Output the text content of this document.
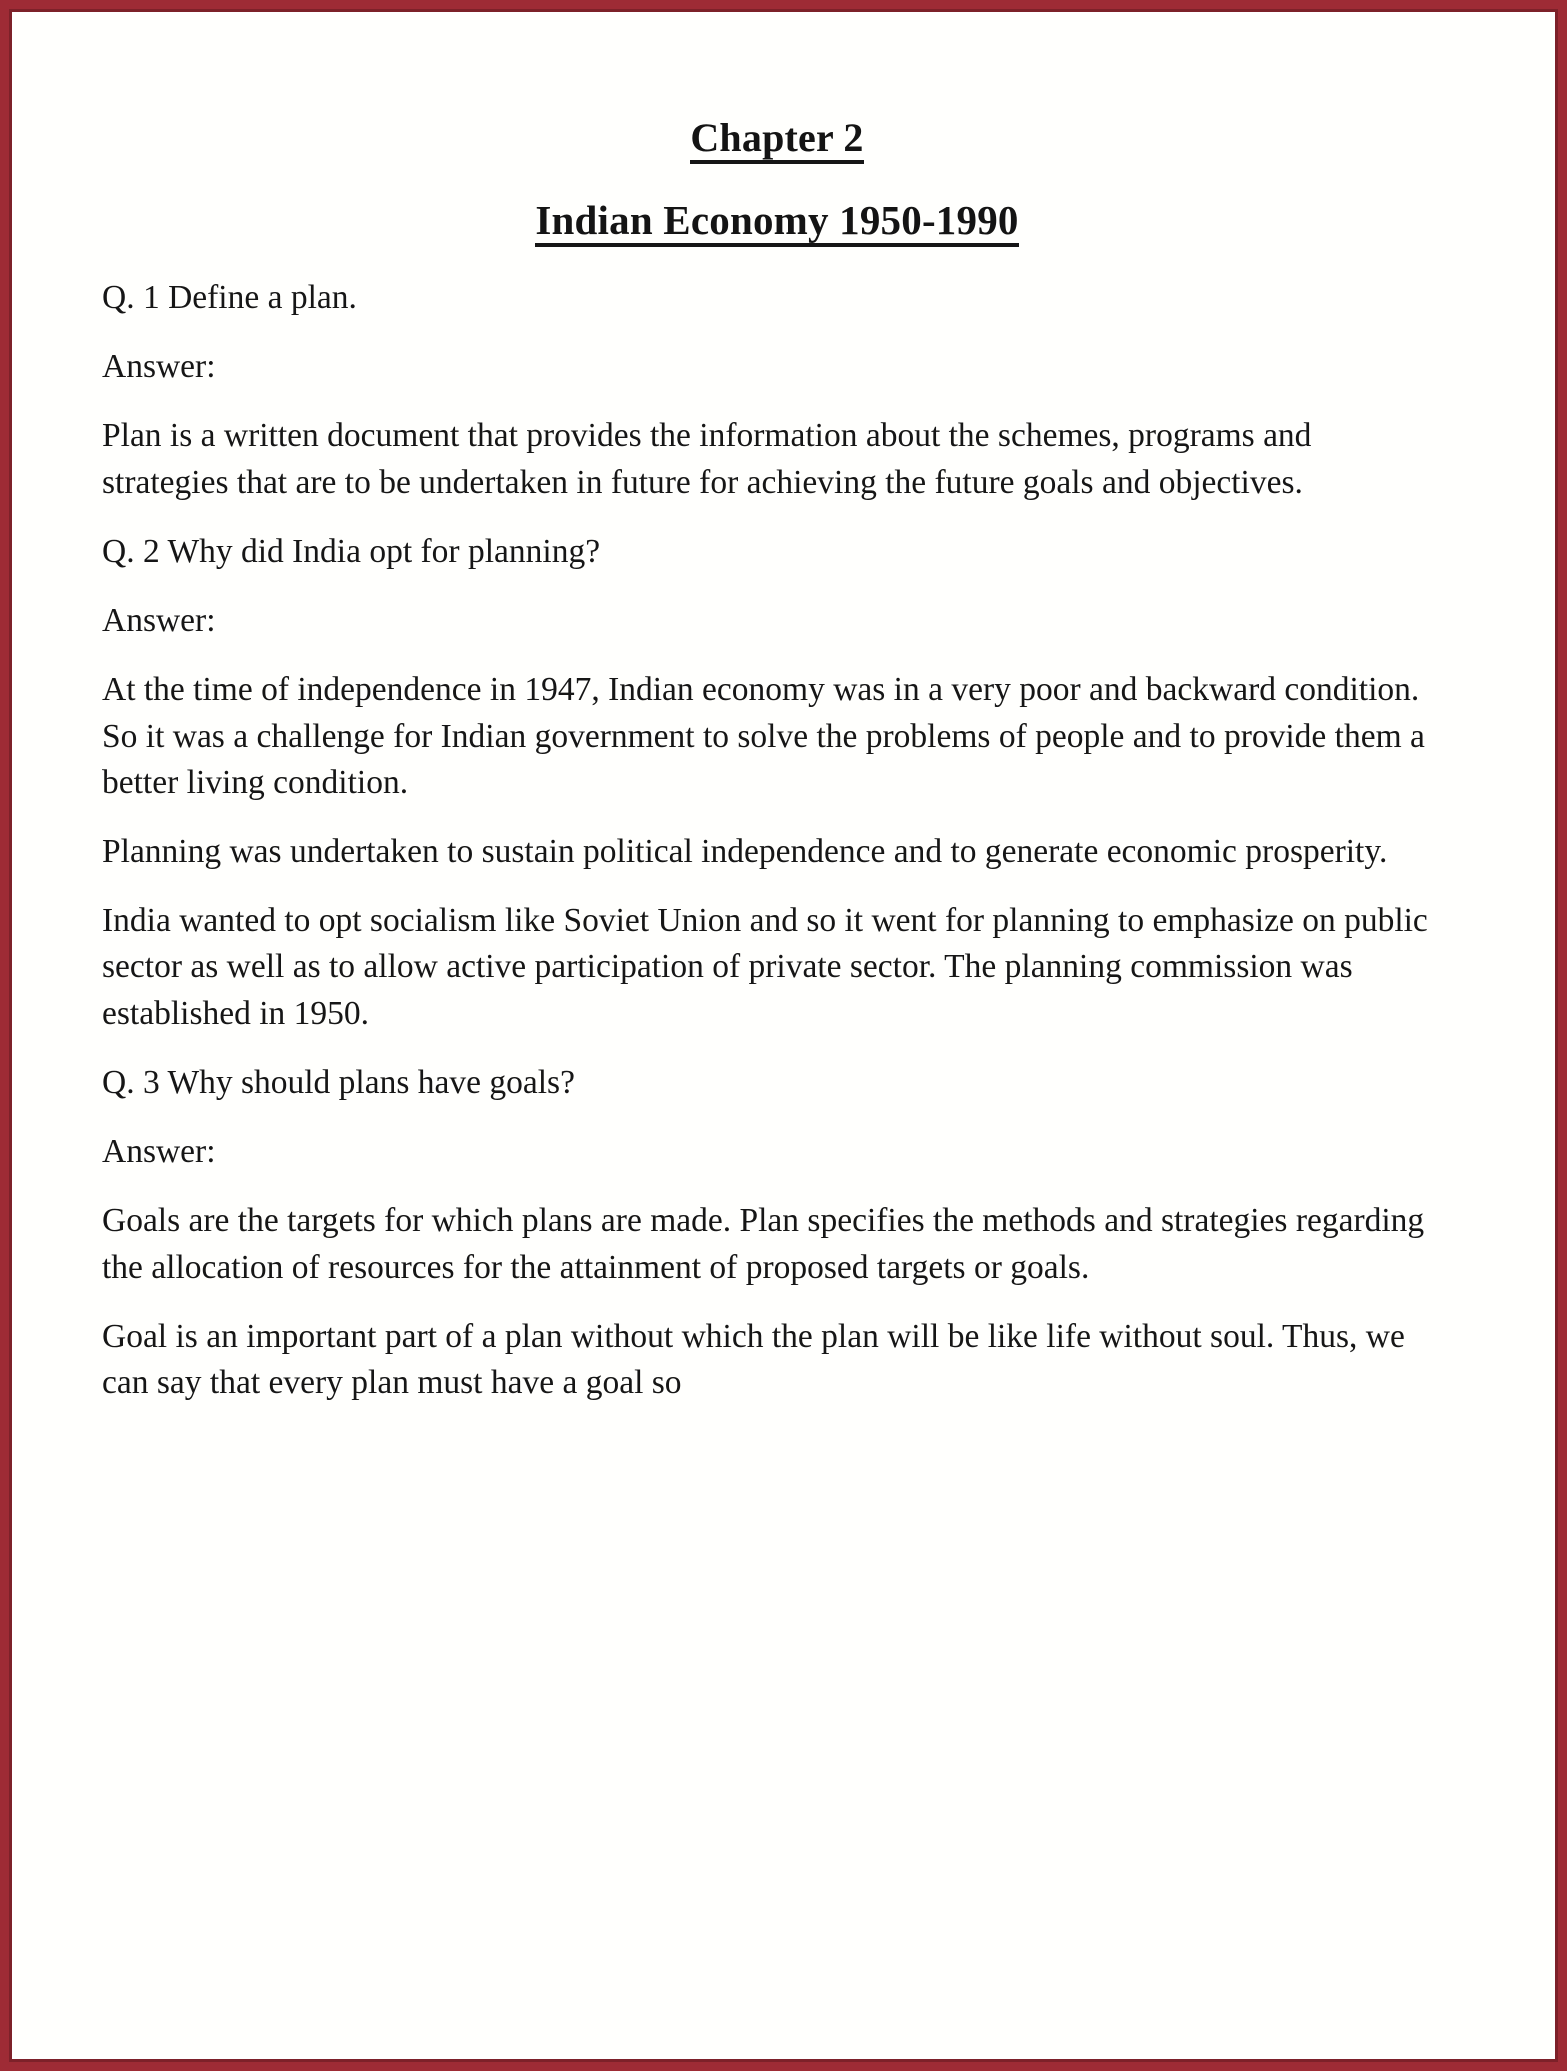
Chapter 2
Indian Economy 1950-1990

Q. 1 Define a plan.

Answer:

Plan is a written document that provides the information about the schemes, programs and strategies that are to be undertaken in future for achieving the future goals and objectives.

Q. 2 Why did India opt for planning?

Answer:

At the time of independence in 1947, Indian economy was in a very poor and backward condition. So it was a challenge for Indian government to solve the problems of people and to provide them a better living condition.

Planning was undertaken to sustain political independence and to generate economic prosperity.

India wanted to opt socialism like Soviet Union and so it went for planning to emphasize on public sector as well as to allow active participation of private sector. The planning commission was established in 1950.

Q. 3 Why should plans have goals?

Answer:

Goals are the targets for which plans are made. Plan specifies the methods and strategies regarding the allocation of resources for the attainment of proposed targets or goals.

Goal is an important part of a plan without which the plan will be like life without soul. Thus, we can say that every plan must have a goal so
